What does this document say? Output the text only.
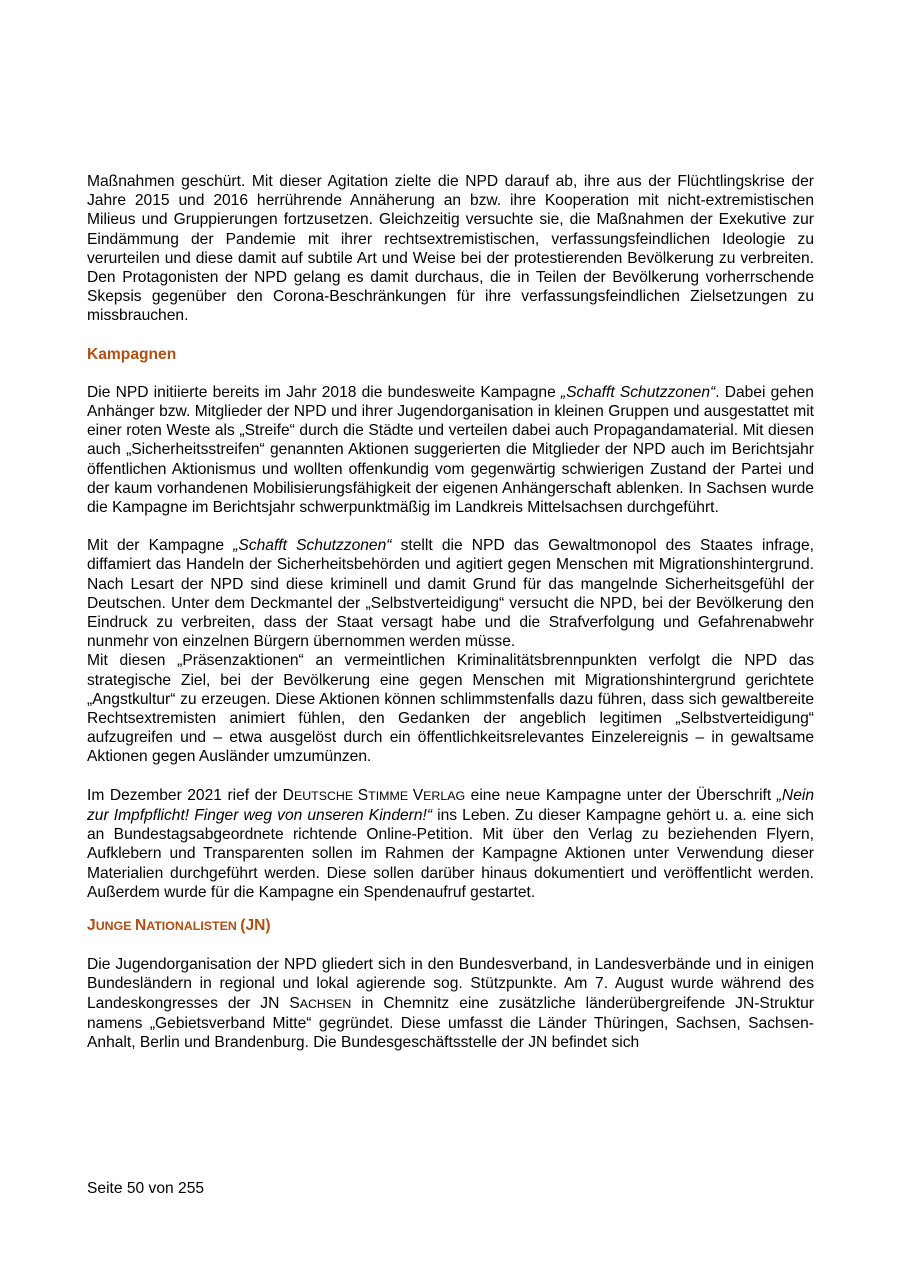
Maßnahmen geschürt. Mit dieser Agitation zielte die NPD darauf ab, ihre aus der Flüchtlingskrise der Jahre 2015 und 2016 herrührende Annäherung an bzw. ihre Kooperation mit nicht-extremistischen Milieus und Gruppierungen fortzusetzen. Gleichzeitig versuchte sie, die Maßnahmen der Exekutive zur Eindämmung der Pandemie mit ihrer rechtsextremistischen, verfassungsfeindlichen Ideologie zu verurteilen und diese damit auf subtile Art und Weise bei der protestierenden Bevölkerung zu verbreiten. Den Protagonisten der NPD gelang es damit durchaus, die in Teilen der Bevölkerung vorherrschende Skepsis gegenüber den Corona-Beschränkungen für ihre verfassungsfeindlichen Zielsetzungen zu missbrauchen.

Kampagnen

Die NPD initiierte bereits im Jahr 2018 die bundesweite Kampagne „Schafft Schutzzonen“. Dabei gehen Anhänger bzw. Mitglieder der NPD und ihrer Jugendorganisation in kleinen Gruppen und ausgestattet mit einer roten Weste als „Streife“ durch die Städte und verteilen dabei auch Propagandamaterial. Mit diesen auch „Sicherheitsstreifen“ genannten Aktionen suggerierten die Mitglieder der NPD auch im Berichtsjahr öffentlichen Aktionismus und wollten offenkundig vom gegenwärtig schwierigen Zustand der Partei und der kaum vorhandenen Mobilisierungsfähigkeit der eigenen Anhängerschaft ablenken. In Sachsen wurde die Kampagne im Berichtsjahr schwerpunktmäßig im Landkreis Mittelsachsen durchgeführt.

Mit der Kampagne „Schafft Schutzzonen“ stellt die NPD das Gewaltmonopol des Staates infrage, diffamiert das Handeln der Sicherheitsbehörden und agitiert gegen Menschen mit Migrationshintergrund. Nach Lesart der NPD sind diese kriminell und damit Grund für das mangelnde Sicherheitsgefühl der Deutschen. Unter dem Deckmantel der „Selbstverteidigung“ versucht die NPD, bei der Bevölkerung den Eindruck zu verbreiten, dass der Staat versagt habe und die Strafverfolgung und Gefahrenabwehr nunmehr von einzelnen Bürgern übernommen werden müsse.

Mit diesen „Präsenzaktionen“ an vermeintlichen Kriminalitätsbrennpunkten verfolgt die NPD das strategische Ziel, bei der Bevölkerung eine gegen Menschen mit Migrationshintergrund gerichtete „Angstkultur“ zu erzeugen. Diese Aktionen können schlimmstenfalls dazu führen, dass sich gewaltbereite Rechtsextremisten animiert fühlen, den Gedanken der angeblich legitimen „Selbstverteidigung“ aufzugreifen und – etwa ausgelöst durch ein öffentlichkeitsrelevantes Einzelereignis – in gewaltsame Aktionen gegen Ausländer umzumünzen.

Im Dezember 2021 rief der DEUTSCHE STIMME VERLAG eine neue Kampagne unter der Überschrift „Nein zur Impfpflicht! Finger weg von unseren Kindern!“ ins Leben. Zu dieser Kampagne gehört u. a. eine sich an Bundestagsabgeordnete richtende Online-Petition. Mit über den Verlag zu beziehenden Flyern, Aufklebern und Transparenten sollen im Rahmen der Kampagne Aktionen unter Verwendung dieser Materialien durchgeführt werden. Diese sollen darüber hinaus dokumentiert und veröffentlicht werden. Außerdem wurde für die Kampagne ein Spendenaufruf gestartet.

JUNGE NATIONALISTEN (JN)

Die Jugendorganisation der NPD gliedert sich in den Bundesverband, in Landesverbände und in einigen Bundesländern in regional und lokal agierende sog. Stützpunkte. Am 7. August wurde während des Landeskongresses der JN SACHSEN in Chemnitz eine zusätzliche länderübergreifende JN-Struktur namens „Gebietsverband Mitte“ gegründet. Diese umfasst die Länder Thüringen, Sachsen, Sachsen-Anhalt, Berlin und Brandenburg. Die Bundesgeschäftsstelle der JN befindet sich

Seite 50 von 255
